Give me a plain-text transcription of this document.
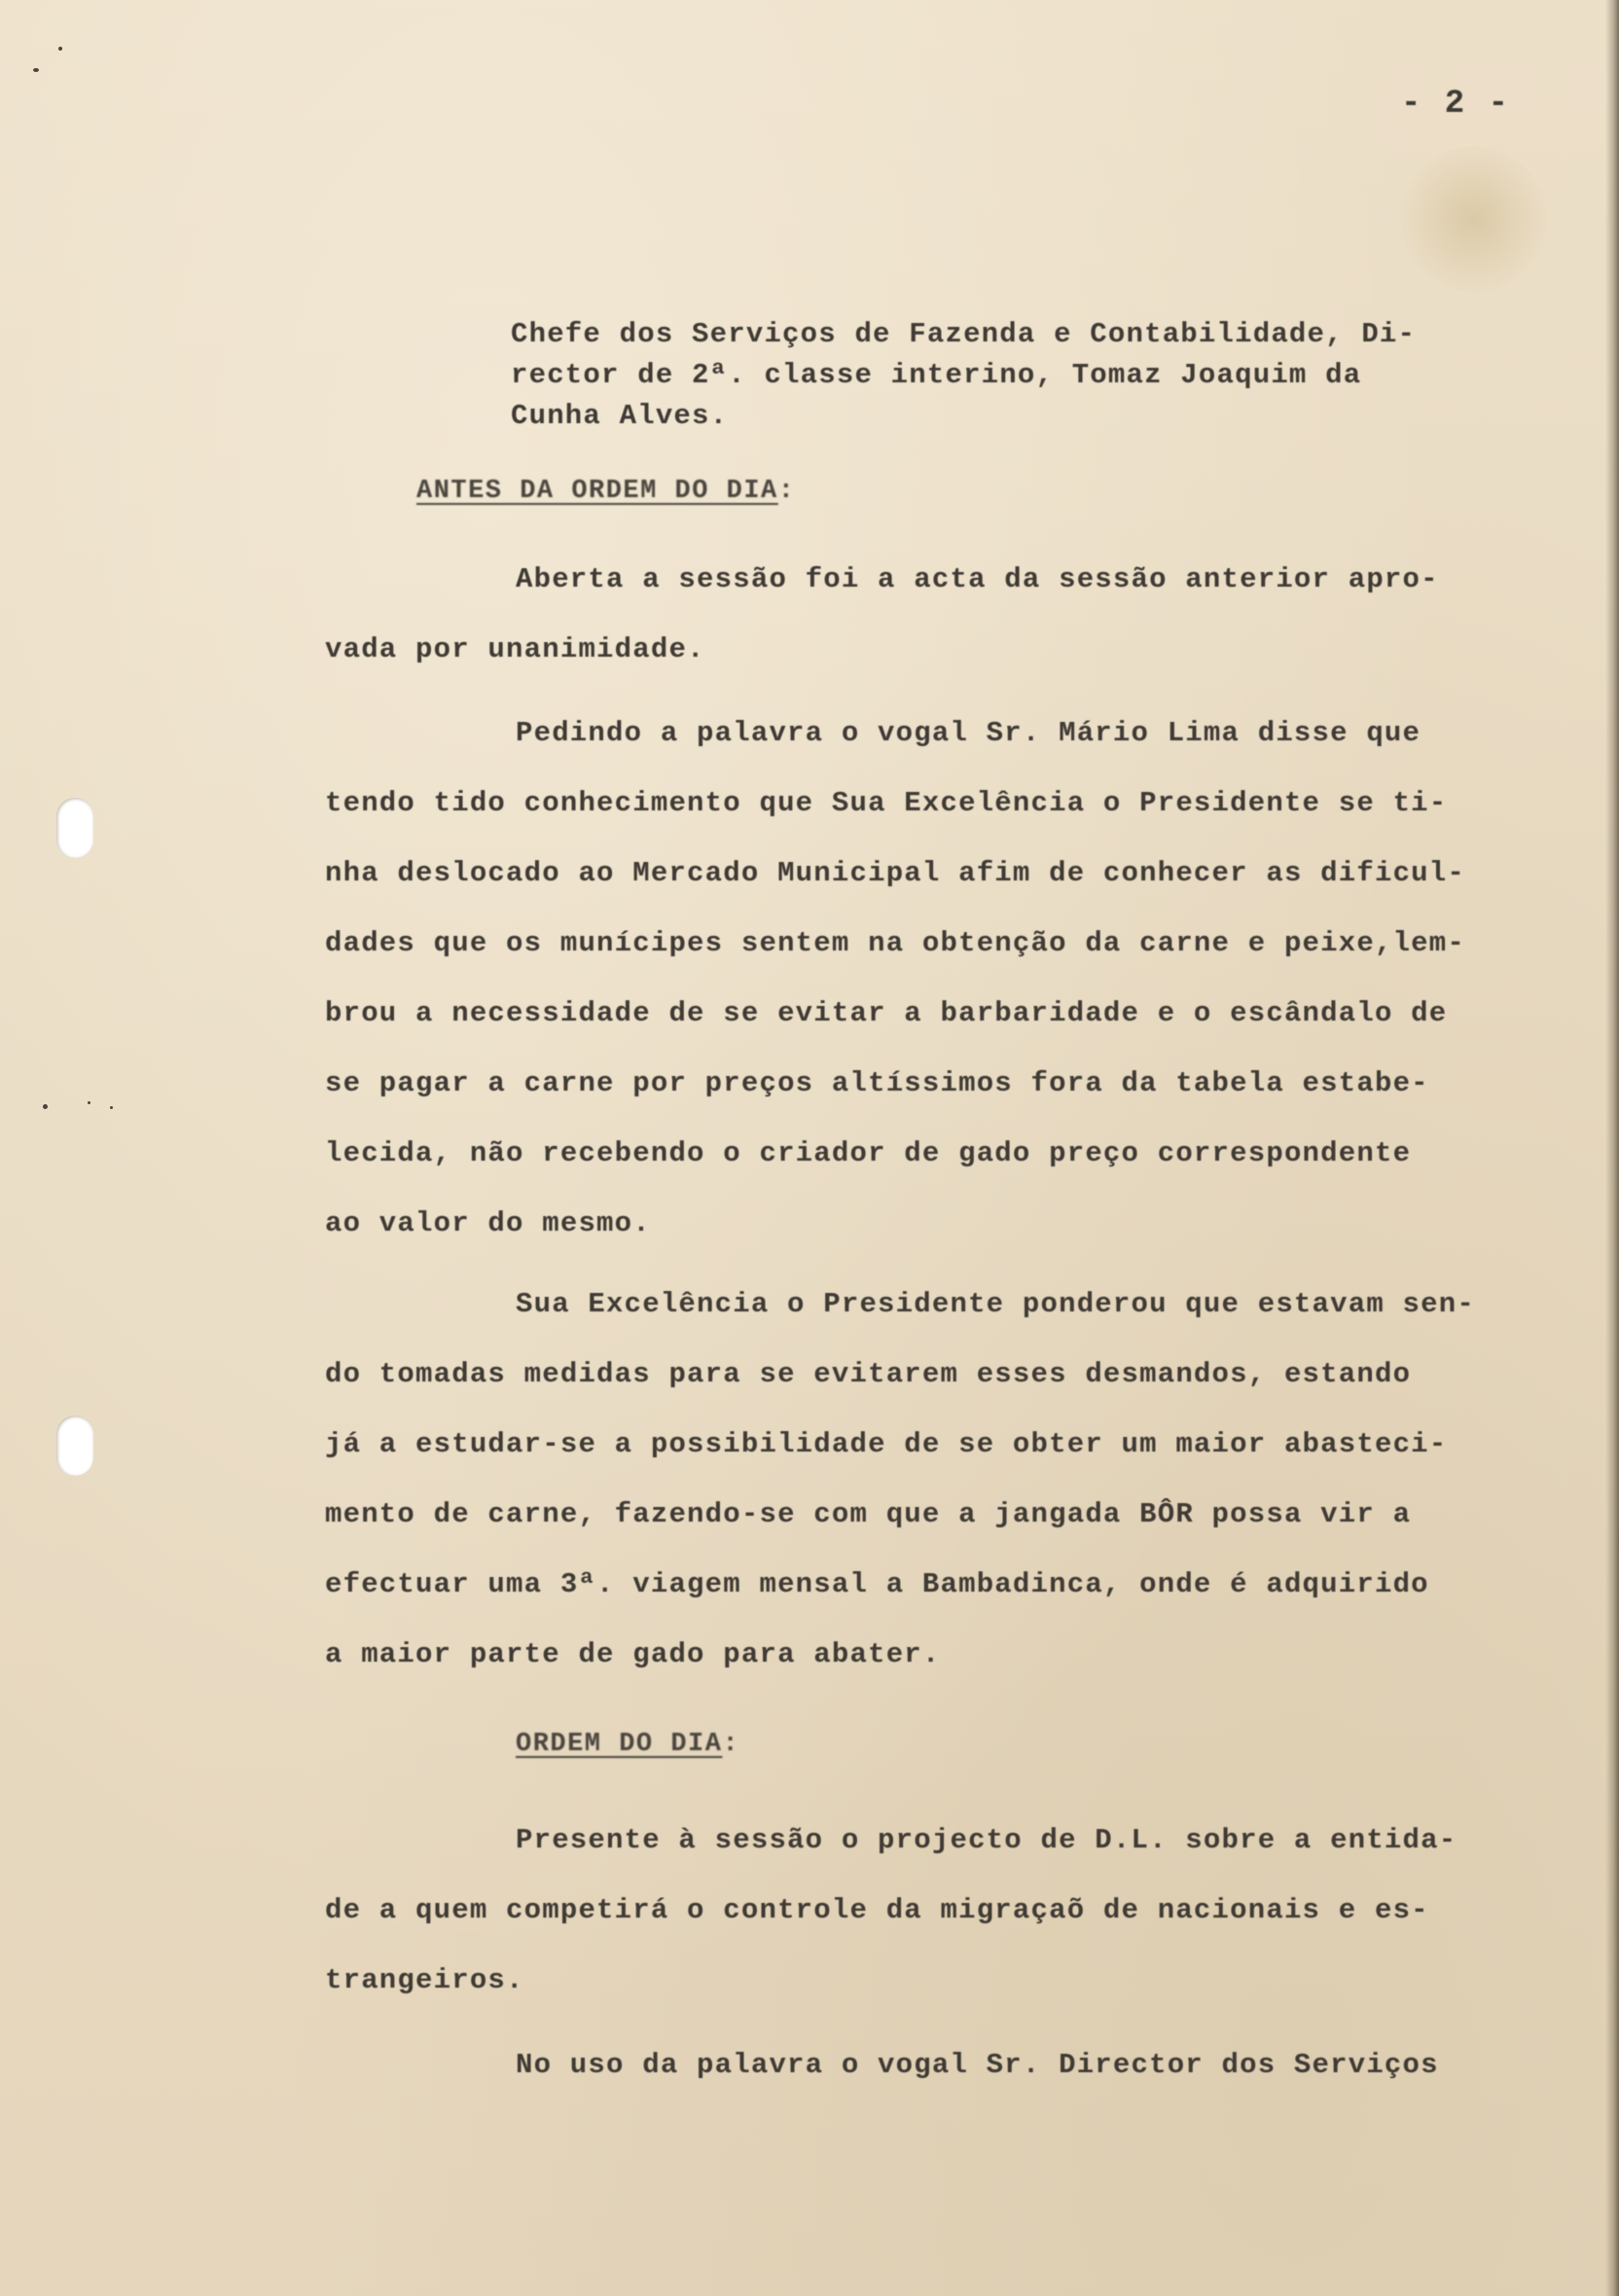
- 2 -
Chefe dos Serviços de Fazenda e Contabilidade, Di-
rector de 2ª. classe interino, Tomaz Joaquim da
Cunha Alves.
ANTES DA ORDEM DO DIA:
Aberta a sessão foi a acta da sessão anterior apro-
vada por unanimidade.
Pedindo a palavra o vogal Sr. Mário Lima disse que
tendo tido conhecimento que Sua Excelência o Presidente se ti-
nha deslocado ao Mercado Municipal afim de conhecer as dificul-
dades que os munícipes sentem na obtenção da carne e peixe,lem-
brou a necessidade de se evitar a barbaridade e o escândalo de
se pagar a carne por preços altíssimos fora da tabela estabe-
lecida, não recebendo o criador de gado preço correspondente
ao valor do mesmo.
Sua Excelência o Presidente ponderou que estavam sen-
do tomadas medidas para se evitarem esses desmandos, estando
já a estudar-se a possibilidade de se obter um maior abasteci-
mento de carne, fazendo-se com que a jangada BÔR possa vir a
efectuar uma 3ª. viagem mensal a Bambadinca, onde é adquirido
a maior parte de gado para abater.
ORDEM DO DIA:
Presente à sessão o projecto de D.L. sobre a entida-
de a quem competirá o controle da migraçaõ de nacionais e es-
trangeiros.
No uso da palavra o vogal Sr. Director dos Serviços
